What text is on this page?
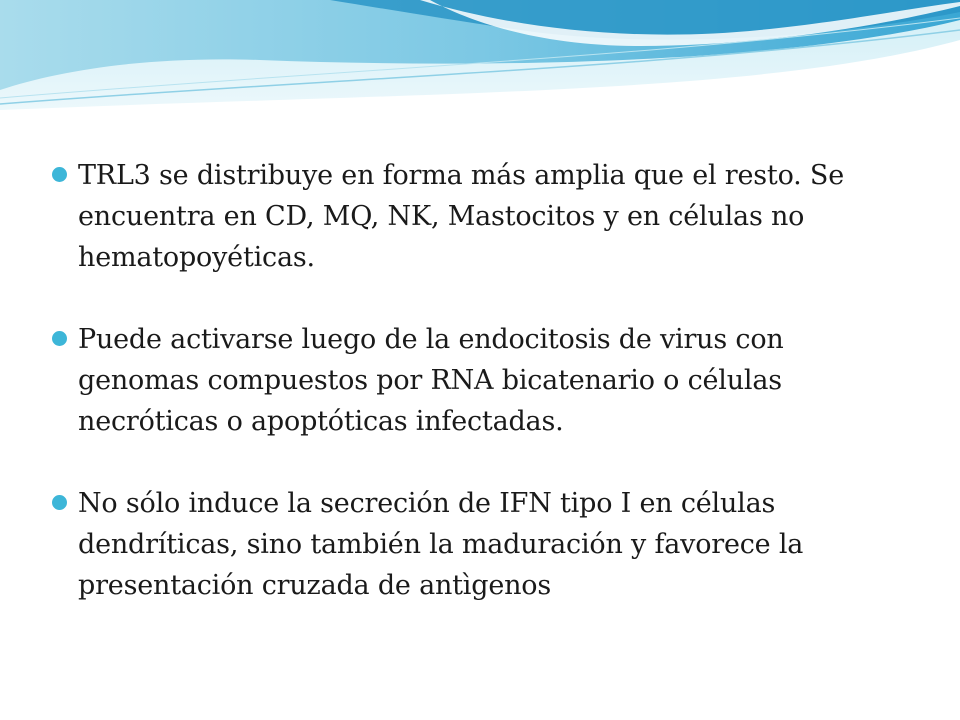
TRL3 se distribuye en forma más amplia que el resto. Se encuentra en CD, MQ, NK, Mastocitos y en células no hematopoyéticas.
Puede activarse luego de la endocitosis de virus con genomas compuestos por RNA bicatenario o células necróticas o apoptóticas infectadas.
No sólo induce la secreción de IFN tipo I en células dendríticas, sino también la maduración y favorece la presentación cruzada de antìgenos
